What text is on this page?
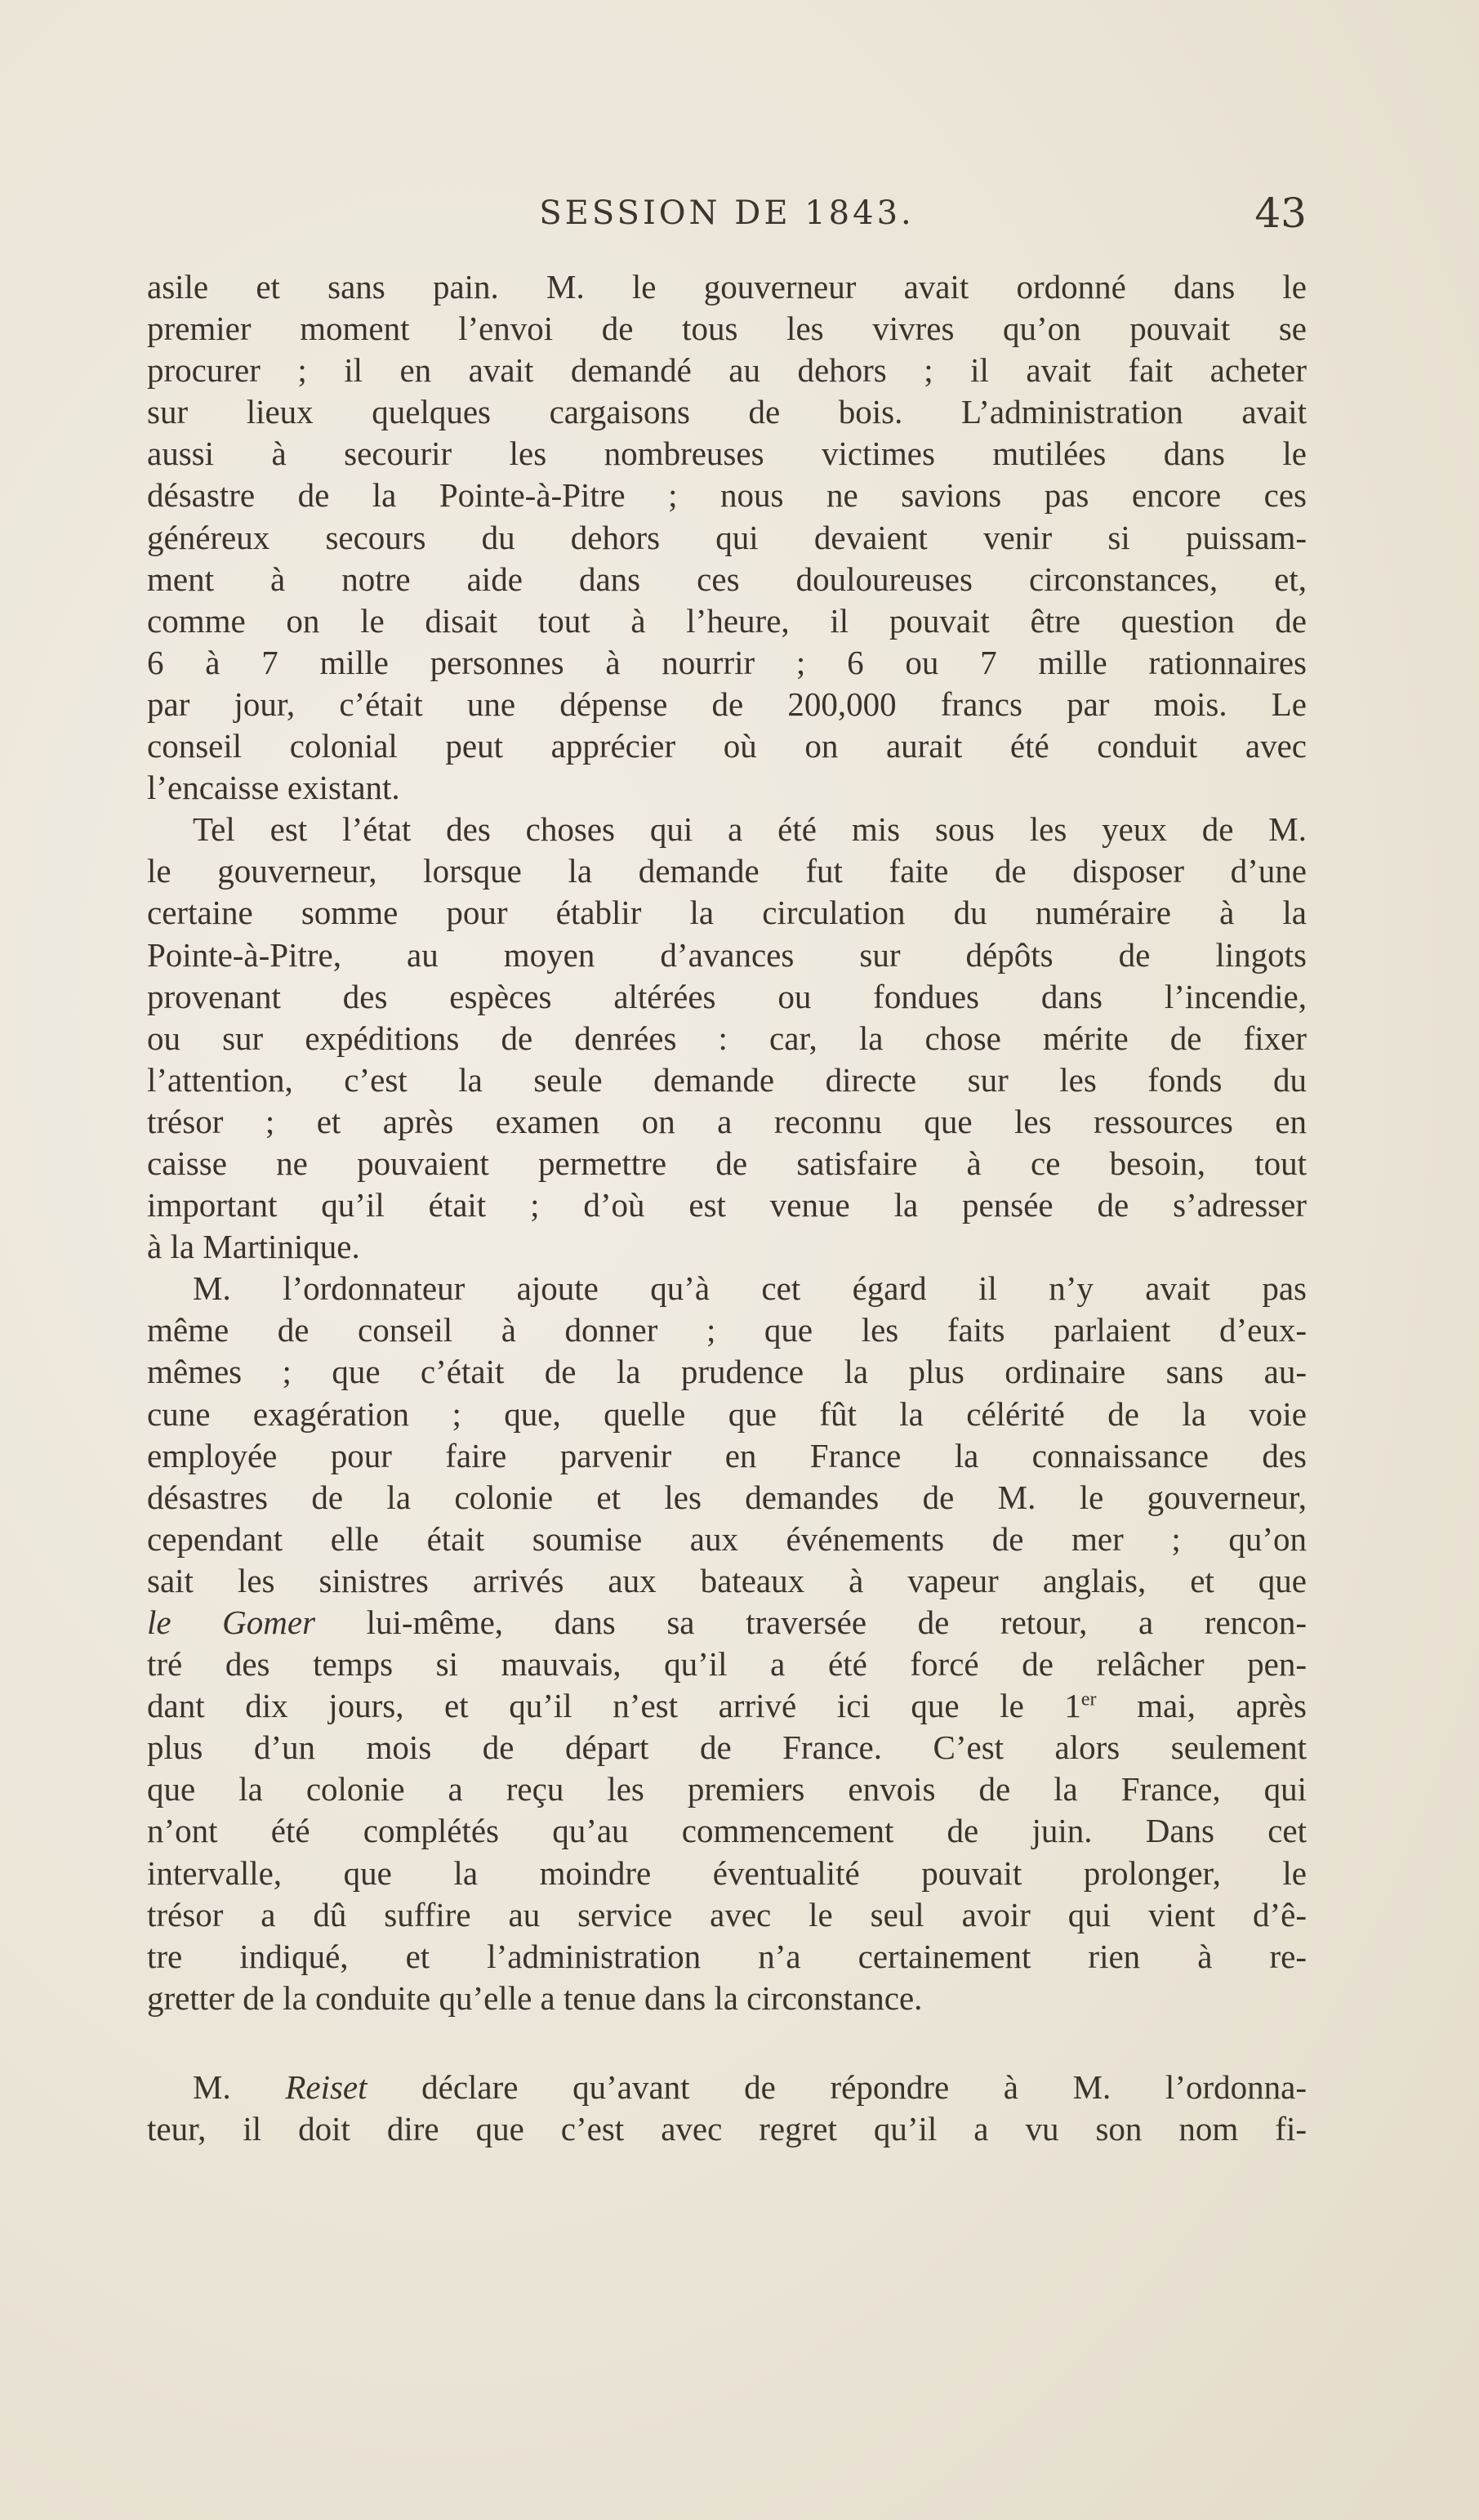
SESSION DE 1843.	43
asile et sans pain. M. le gouverneur avait ordonné dans le
premier moment l’envoi de tous les vivres qu’on pouvait se
procurer ; il en avait demandé au dehors ; il avait fait acheter
sur lieux quelques cargaisons de bois. L’administration avait
aussi à secourir les nombreuses victimes mutilées dans le
désastre de la Pointe-à-Pitre ; nous ne savions pas encore ces
généreux secours du dehors qui devaient venir si puissam-
ment à notre aide dans ces douloureuses circonstances, et,
comme on le disait tout à l’heure, il pouvait être question de
6 à 7 mille personnes à nourrir ; 6 ou 7 mille rationnaires
par jour, c’était une dépense de 200,000 francs par mois. Le
conseil colonial peut apprécier où on aurait été conduit avec
l’encaisse existant.
Tel est l’état des choses qui a été mis sous les yeux de M.
le gouverneur, lorsque la demande fut faite de disposer d’une
certaine somme pour établir la circulation du numéraire à la
Pointe-à-Pitre, au moyen d’avances sur dépôts de lingots
provenant des espèces altérées ou fondues dans l’incendie,
ou sur expéditions de denrées : car, la chose mérite de fixer
l’attention, c’est la seule demande directe sur les fonds du
trésor ; et après examen on a reconnu que les ressources en
caisse ne pouvaient permettre de satisfaire à ce besoin, tout
important qu’il était ; d’où est venue la pensée de s’adresser
à la Martinique.
M. l’ordonnateur ajoute qu’à cet égard il n’y avait pas
même de conseil à donner ; que les faits parlaient d’eux-
mêmes ; que c’était de la prudence la plus ordinaire sans au-
cune exagération ; que, quelle que fût la célérité de la voie
employée pour faire parvenir en France la connaissance des
désastres de la colonie et les demandes de M. le gouverneur,
cependant elle était soumise aux événements de mer ; qu’on
sait les sinistres arrivés aux bateaux à vapeur anglais, et que
le Gomer lui-même, dans sa traversée de retour, a rencon-
tré des temps si mauvais, qu’il a été forcé de relâcher pen-
dant dix jours, et qu’il n’est arrivé ici que le 1er mai, après
plus d’un mois de départ de France. C’est alors seulement
que la colonie a reçu les premiers envois de la France, qui
n’ont été complétés qu’au commencement de juin. Dans cet
intervalle, que la moindre éventualité pouvait prolonger, le
trésor a dû suffire au service avec le seul avoir qui vient d’ê-
tre indiqué, et l’administration n’a certainement rien à re-
gretter de la conduite qu’elle a tenue dans la circonstance.
M. Reiset déclare qu’avant de répondre à M. l’ordonna-
teur, il doit dire que c’est avec regret qu’il a vu son nom fi-
